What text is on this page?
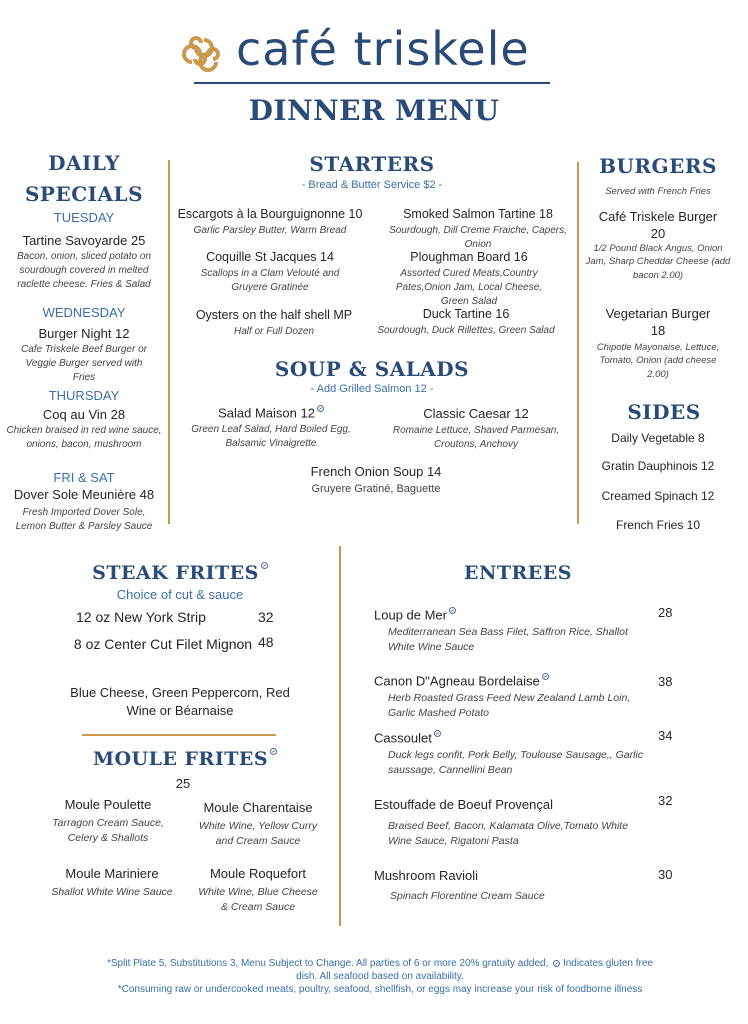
café triskele
DINNER MENU
DAILY
SPECIALS
TUESDAY
Tartine Savoyarde 25
Bacon, onion, sliced potato on sourdough covered in melted raclette cheese. Fries & Salad
WEDNESDAY
Burger Night 12
Cafe Triskele Beef Burger or Veggie Burger served with Fries
THURSDAY
Coq au Vin 28
Chicken braised in red wine sauce, onions, bacon, mushroom
FRI & SAT
Dover Sole Meunière 48
Fresh Imported Dover Sole, Lemon Butter & Parsley Sauce
STARTERS
- Bread & Butter Service $2 -
Escargots à la Bourguignonne 10
Garlic Parsley Butter, Warm Bread
Smoked Salmon Tartine 18
Sourdough, Dill Creme Fraiche, Capers, Onion
Coquille St Jacques 14
Scallops in a Clam Velouté and Gruyere Gratinée
Ploughman Board 16
Assorted Cured Meats,Country Pates,Onion Jam, Local Cheese, Green Salad
Oysters on the half shell MP
Half or Full Dozen
Duck Tartine 16
Sourdough, Duck Rillettes, Green Salad
SOUP & SALADS
- Add Grilled Salmon 12 -
Salad Maison 12
Green Leaf Salad, Hard Boiled Egg, Balsamic Vinaigrette
Classic Caesar 12
Romaine Lettuce, Shaved Parmesan, Croutons, Anchovy
French Onion Soup 14
Gruyere Gratiné, Baguette
BURGERS
Served with French Fries
Café Triskele Burger
20
1/2 Pound Black Angus, Onion Jam, Sharp Cheddar Cheese (add bacon 2.00)
Vegetarian Burger
18
Chipotle Mayonaise, Lettuce, Tomato, Onion (add cheese 2.00)
SIDES
Daily Vegetable 8
Gratin Dauphinois 12
Creamed Spinach 12
French Fries 10
STEAK FRITES
Choice of cut & sauce
12 oz New York Strip	32
8 oz Center Cut Filet Mignon 48
Blue Cheese, Green Peppercorn, Red Wine or Béarnaise
MOULE FRITES
25
Moule Poulette
Tarragon Cream Sauce, Celery & Shallots
Moule Charentaise
White Wine, Yellow Curry and Cream Sauce
Moule Mariniere
Shallot White Wine Sauce
Moule Roquefort
White Wine, Blue Cheese & Cream Sauce
ENTREES
Loup de Mer
Mediterranean Sea Bass Filet, Saffron Rice, Shallot White Wine Sauce
28
Canon D"Agneau Bordelaise
Herb Roasted Grass Feed New Zealand Lamb Loin, Garlic Mashed Potato
38
Cassoulet
Duck legs confit, Pork Belly, Toulouse Sausage,, Garlic saussage, Cannellini Bean
34
Estouffade de Boeuf Provençal
Braised Beef, Bacon, Kalamata Olive,Tomato White Wine Sauce, Rigatoni Pasta
32
Mushroom Ravioli
Spinach Florentine Cream Sauce
30
*Split Plate 5, Substitutions 3, Menu Subject to Change. All parties of 6 or more 20% gratuity added, Indicates gluten free
dish. All seafood based on availability.
*Consuming raw or undercooked meats, poultry, seafood, shellfish, or eggs may increase your risk of foodborne illness
